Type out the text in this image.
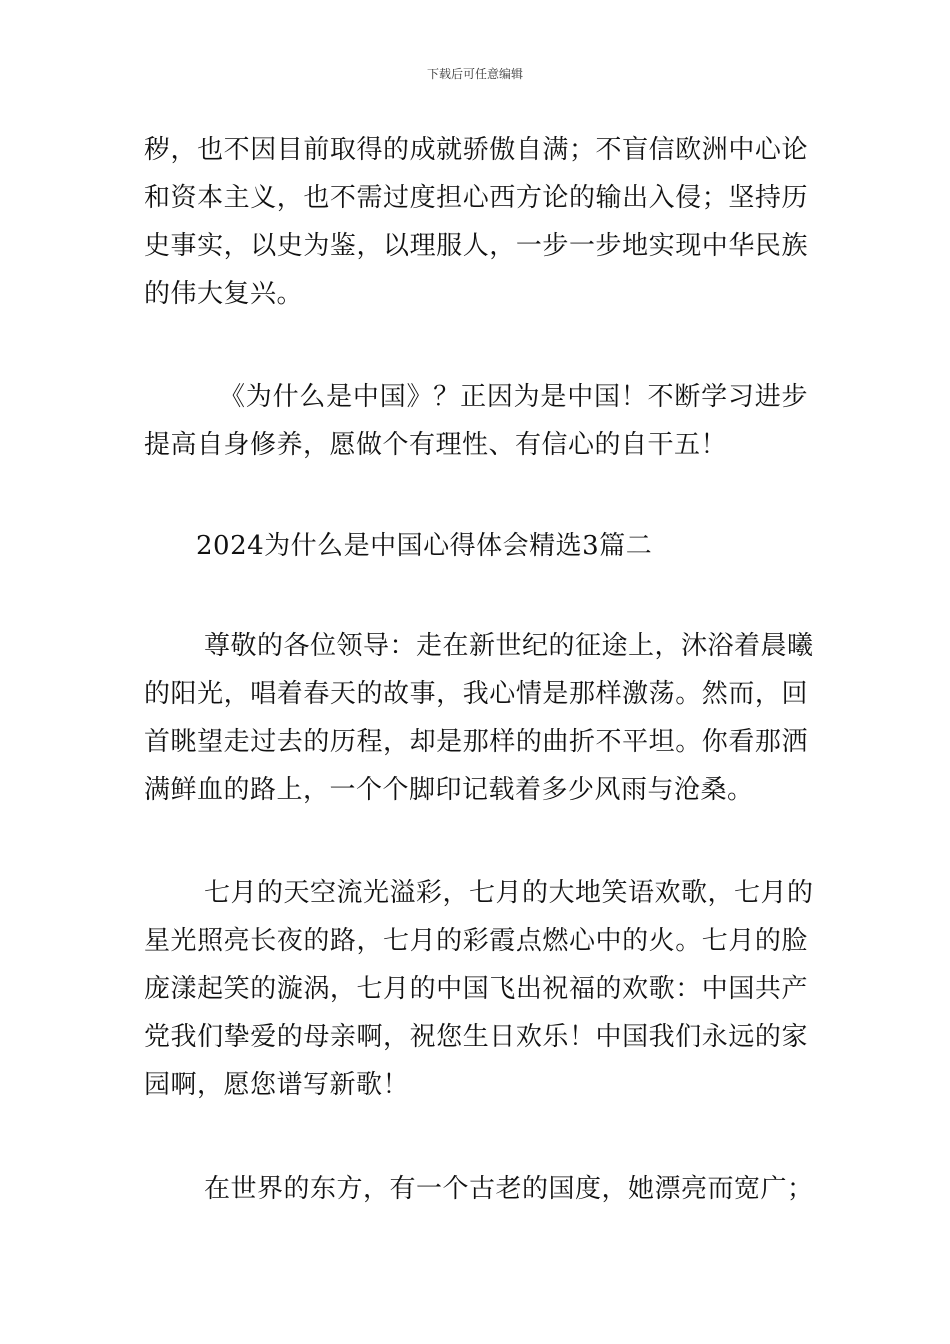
下载后可任意编辑
秽，也不因目前取得的成就骄傲自满；不盲信欧洲中心论
和资本主义，也不需过度担心西方论的输出入侵；坚持历
史事实，以史为鉴，以理服人，一步一步地实现中华民族
的伟大复兴。
《为什么是中国》？正因为是中国！不断学习进步
提高自身修养，愿做个有理性、有信心的自干五！
2024为什么是中国心得体会精选3篇二
尊敬的各位领导：走在新世纪的征途上，沐浴着晨曦
的阳光，唱着春天的故事，我心情是那样激荡。然而，回
首眺望走过去的历程，却是那样的曲折不平坦。你看那洒
满鲜血的路上，一个个脚印记载着多少风雨与沧桑。
七月的天空流光溢彩，七月的大地笑语欢歌，七月的
星光照亮长夜的路，七月的彩霞点燃心中的火。七月的脸
庞漾起笑的漩涡，七月的中国飞出祝福的欢歌：中国共产
党我们挚爱的母亲啊，祝您生日欢乐！中国我们永远的家
园啊，愿您谱写新歌！
在世界的东方，有一个古老的国度，她漂亮而宽广；
